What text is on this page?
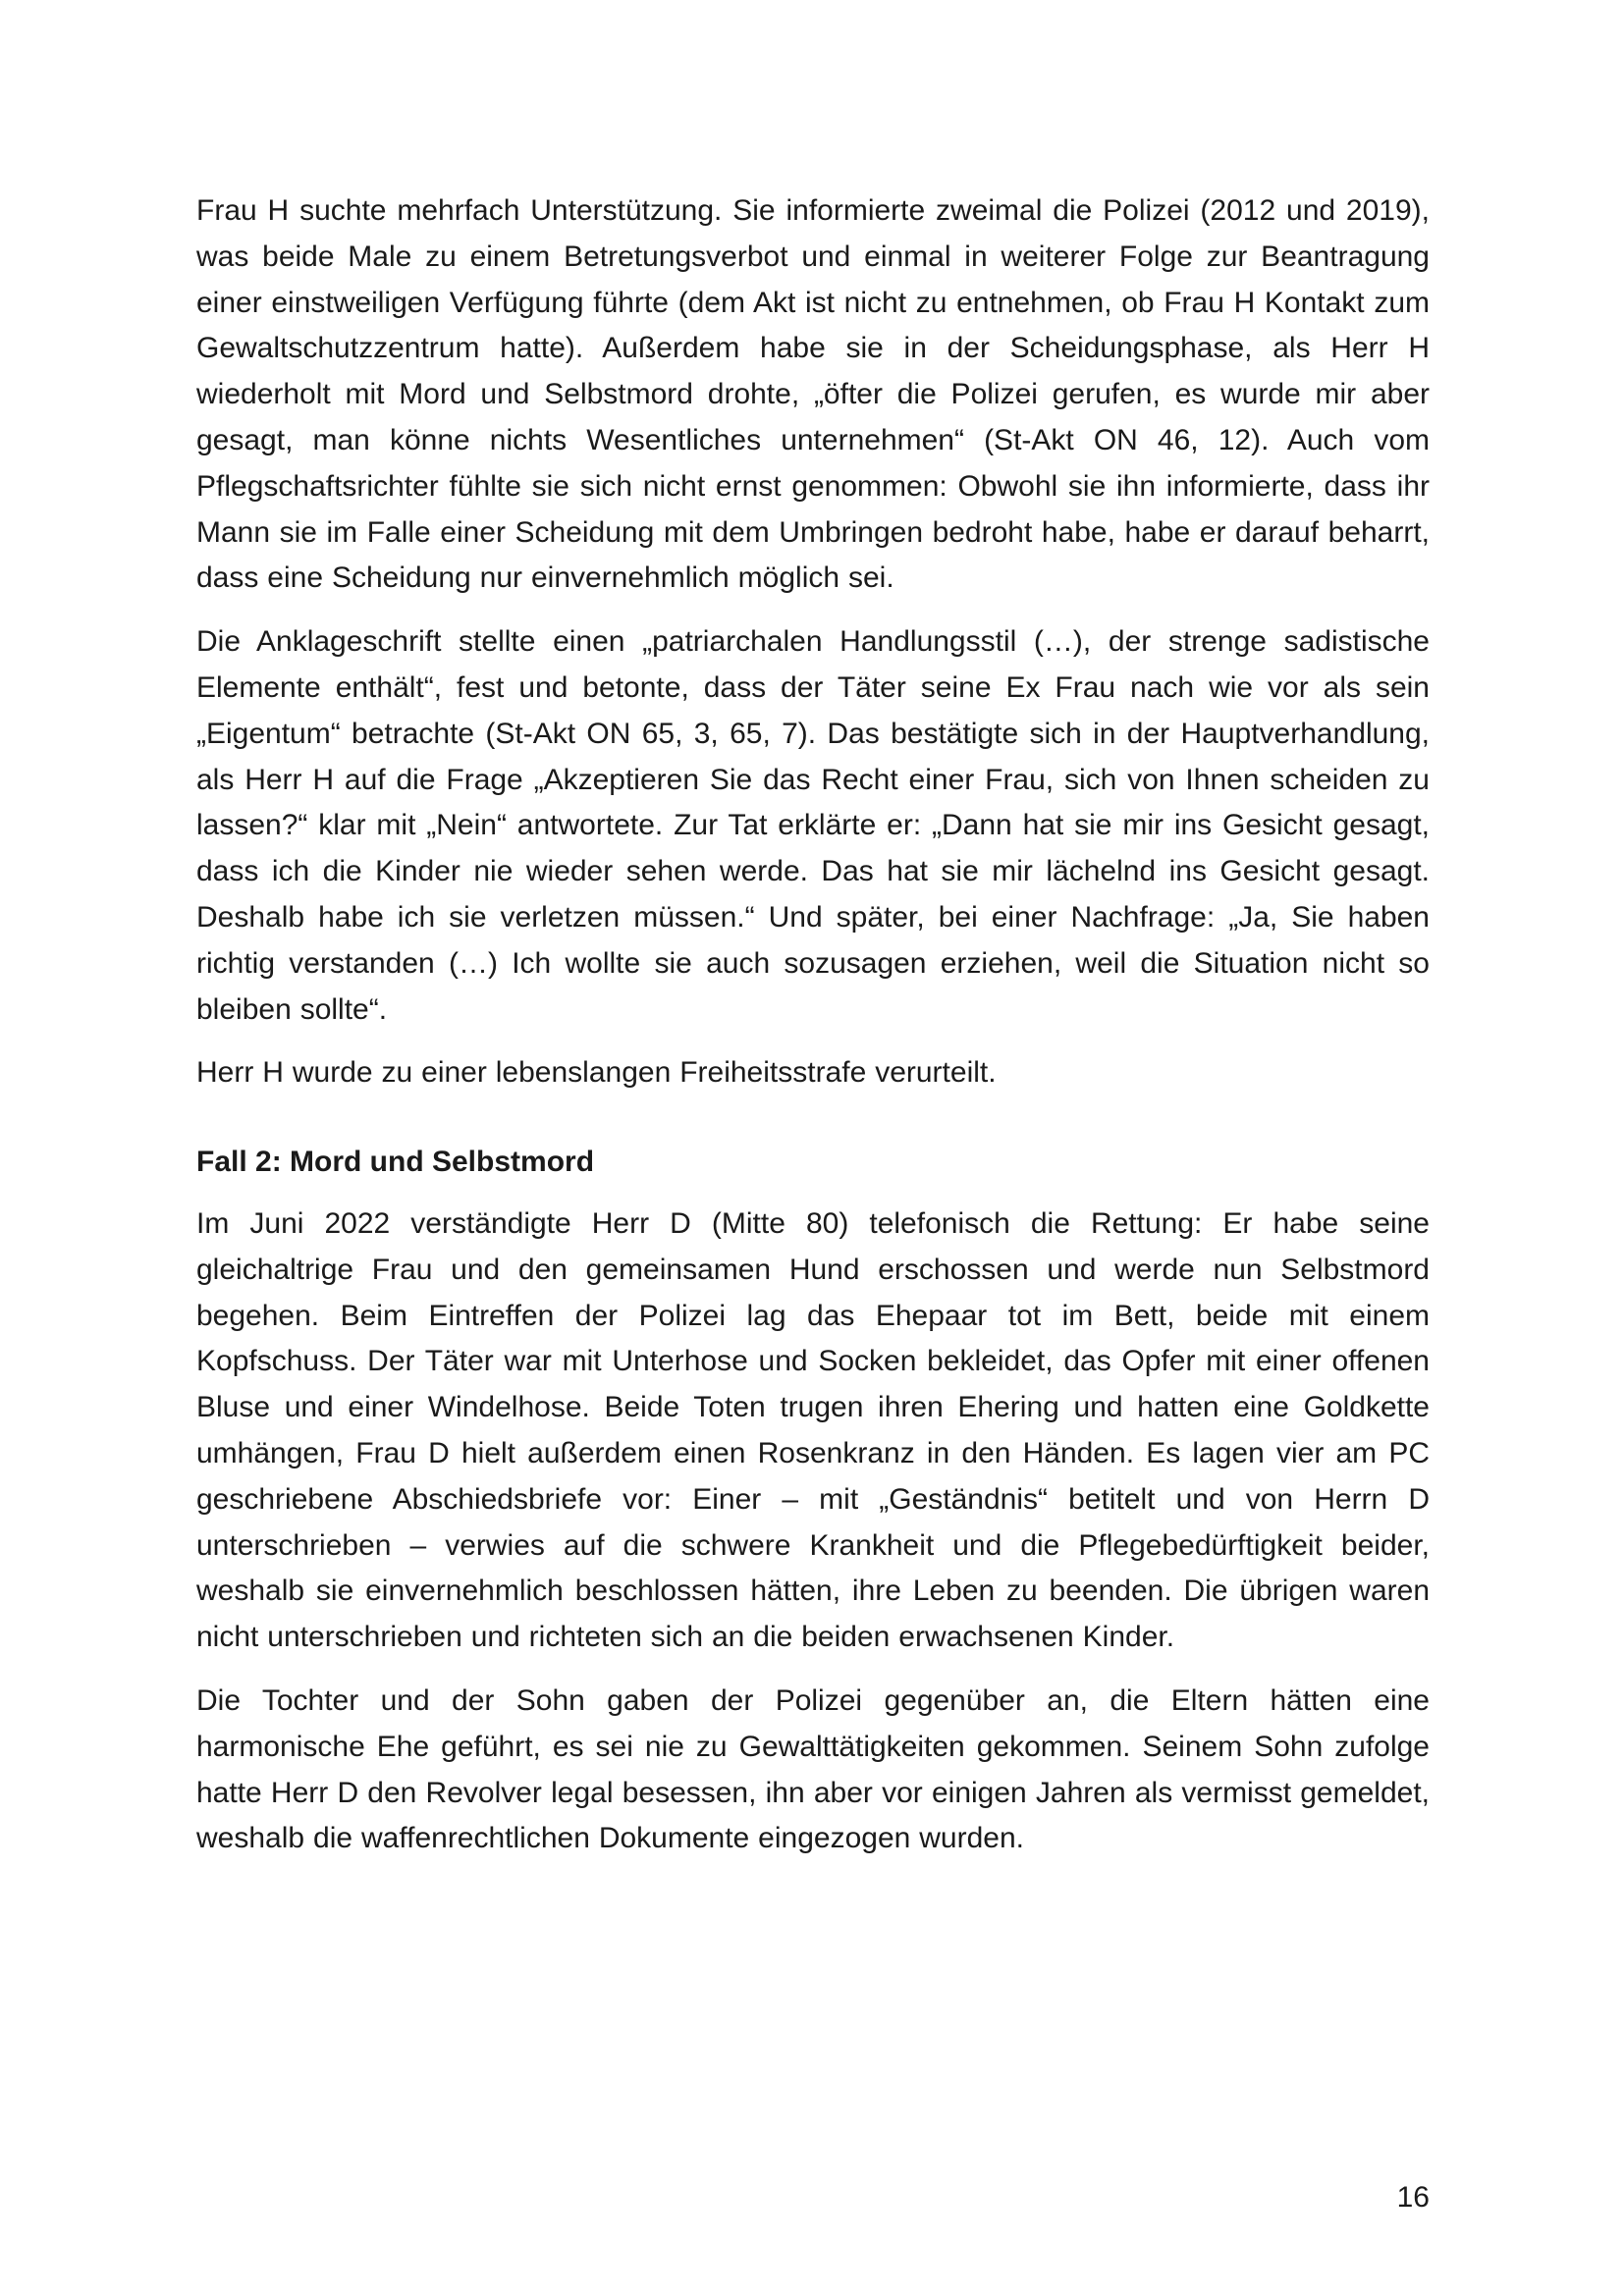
Frau H suchte mehrfach Unterstützung. Sie informierte zweimal die Polizei (2012 und 2019), was beide Male zu einem Betretungsverbot und einmal in weiterer Folge zur Beantragung einer einstweiligen Verfügung führte (dem Akt ist nicht zu entnehmen, ob Frau H Kontakt zum Gewaltschutzzentrum hatte). Außerdem habe sie in der Scheidungsphase, als Herr H wiederholt mit Mord und Selbstmord drohte, „öfter die Polizei gerufen, es wurde mir aber gesagt, man könne nichts Wesentliches unternehmen“ (St-Akt ON 46, 12). Auch vom Pflegschaftsrichter fühlte sie sich nicht ernst genommen: Obwohl sie ihn informierte, dass ihr Mann sie im Falle einer Scheidung mit dem Umbringen bedroht habe, habe er darauf beharrt, dass eine Scheidung nur einvernehmlich möglich sei.

Die Anklageschrift stellte einen „patriarchalen Handlungsstil (…), der strenge sadistische Elemente enthält“, fest und betonte, dass der Täter seine Ex Frau nach wie vor als sein „Eigentum“ betrachte (St-Akt ON 65, 3, 65, 7). Das bestätigte sich in der Hauptverhandlung, als Herr H auf die Frage „Akzeptieren Sie das Recht einer Frau, sich von Ihnen scheiden zu lassen?“ klar mit „Nein“ antwortete. Zur Tat erklärte er: „Dann hat sie mir ins Gesicht gesagt, dass ich die Kinder nie wieder sehen werde. Das hat sie mir lächelnd ins Gesicht gesagt. Deshalb habe ich sie verletzen müssen.“ Und später, bei einer Nachfrage: „Ja, Sie haben richtig verstanden (…) Ich wollte sie auch sozusagen erziehen, weil die Situation nicht so bleiben sollte“.

Herr H wurde zu einer lebenslangen Freiheitsstrafe verurteilt.

Fall 2: Mord und Selbstmord

Im Juni 2022 verständigte Herr D (Mitte 80) telefonisch die Rettung: Er habe seine gleichaltrige Frau und den gemeinsamen Hund erschossen und werde nun Selbstmord begehen. Beim Eintreffen der Polizei lag das Ehepaar tot im Bett, beide mit einem Kopfschuss. Der Täter war mit Unterhose und Socken bekleidet, das Opfer mit einer offenen Bluse und einer Windelhose. Beide Toten trugen ihren Ehering und hatten eine Goldkette umhängen, Frau D hielt außerdem einen Rosenkranz in den Händen. Es lagen vier am PC geschriebene Abschiedsbriefe vor: Einer – mit „Geständnis“ betitelt und von Herrn D unterschrieben – verwies auf die schwere Krankheit und die Pflegebedürftigkeit beider, weshalb sie einvernehmlich beschlossen hätten, ihre Leben zu beenden. Die übrigen waren nicht unterschrieben und richteten sich an die beiden erwachsenen Kinder.

Die Tochter und der Sohn gaben der Polizei gegenüber an, die Eltern hätten eine harmonische Ehe geführt, es sei nie zu Gewalttätigkeiten gekommen. Seinem Sohn zufolge hatte Herr D den Revolver legal besessen, ihn aber vor einigen Jahren als vermisst gemeldet, weshalb die waffenrechtlichen Dokumente eingezogen wurden.

16
